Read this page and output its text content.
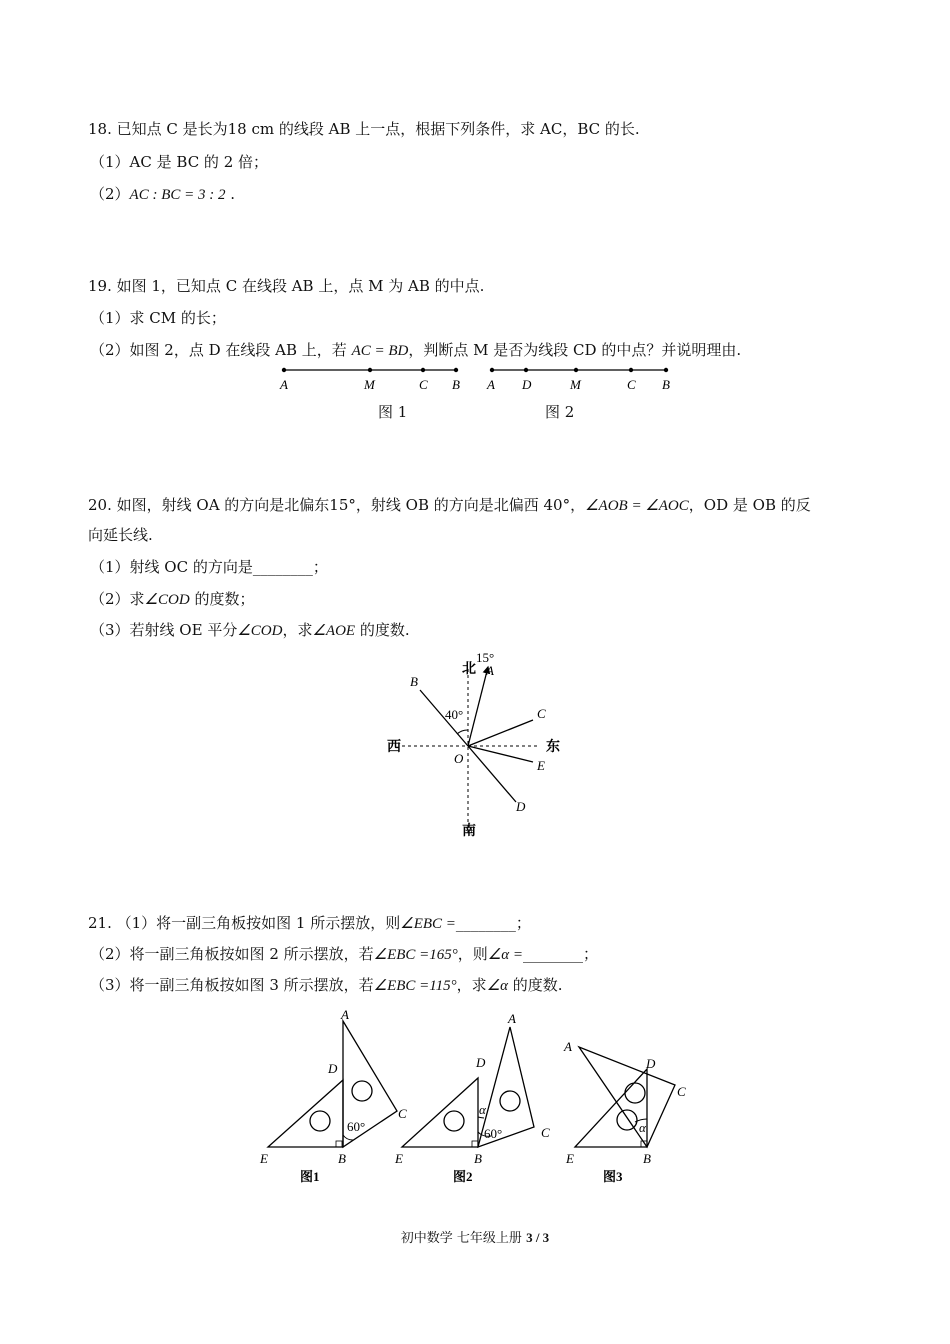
18. 已知点 C 是长为18 cm 的线段 AB 上一点，根据下列条件，求 AC，BC 的长.
（1）AC 是 BC 的 2 倍；
（2）AC : BC = 3 : 2 .
19. 如图 1，已知点 C 在线段 AB 上，点 M 为 AB 的中点.
（1）求 CM 的长；
（2）如图 2，点 D 在线段 AB 上，若 AC = BD，判断点 M 是否为线段 CD 的中点？并说明理由.
A	M	C B
图 1
A D	M	C B
图 2
20. 如图，射线 OA 的方向是北偏东15°，射线 OB 的方向是北偏西 40°，∠AOB = ∠AOC，OD 是 OB 的反
向延长线.
（1）射线 OC 的方向是________；
（2）求∠COD 的度数；
（3）若射线 OE 平分∠COD，求∠AOE 的度数.
北
15°
A
B
40°	C
西	东
O	E
D
南
21. （1）将一副三角板按如图 1 所示摆放，则∠EBC =________；
（2）将一副三角板按如图 2 所示摆放，若∠EBC =165°，则∠α =________；
（3）将一副三角板按如图 3 所示摆放，若∠EBC =115°，求∠α 的度数.
A
D
60°
C
E	B
图1
A
D
α
60°	C
E	B
图2
A
D
C
α
E	B
图3
初中数学 七年级上册 3 / 3
